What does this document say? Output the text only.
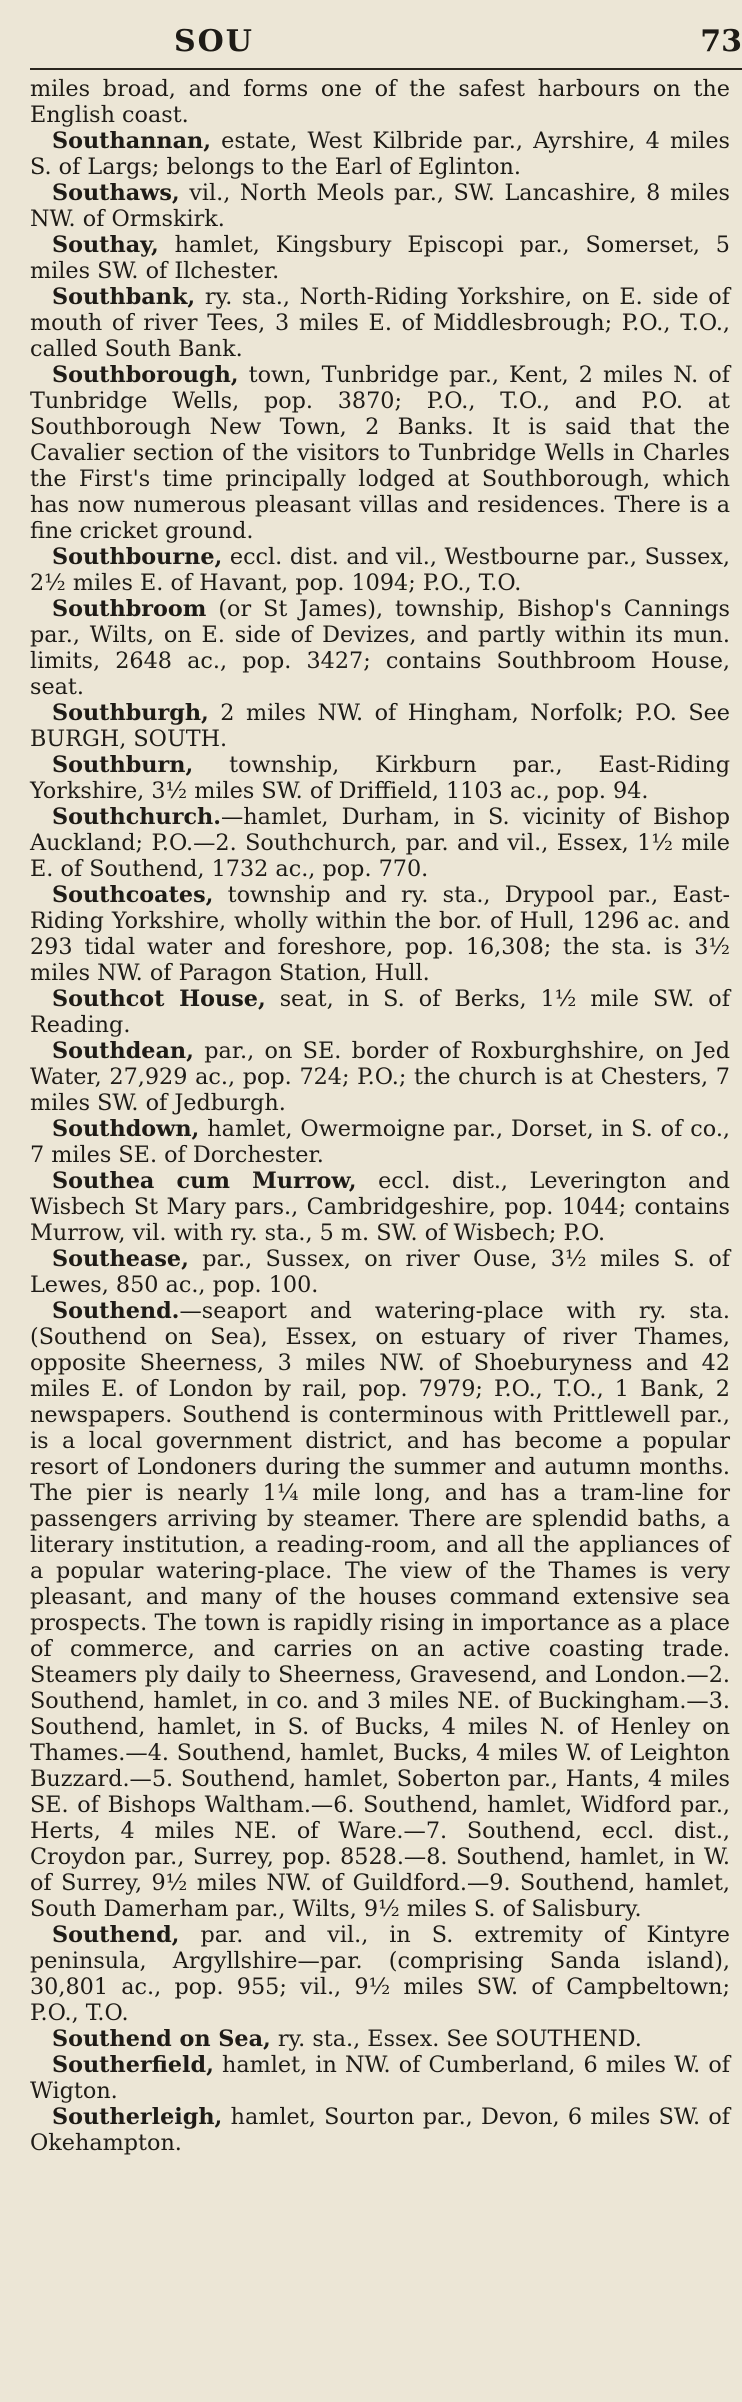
SOU	73

miles broad, and forms one of the safest harbours on the English coast.

Southannan, estate, West Kilbride par., Ayrshire, 4 miles S. of Largs; belongs to the Earl of Eglinton.

Southaws, vil., North Meols par., SW. Lancashire, 8 miles NW. of Ormskirk.

Southay, hamlet, Kingsbury Episcopi par., Somerset, 5 miles SW. of Ilchester.

Southbank, ry. sta., North-Riding Yorkshire, on E. side of mouth of river Tees, 3 miles E. of Middlesbrough; P.O., T.O., called South Bank.

Southborough, town, Tunbridge par., Kent, 2 miles N. of Tunbridge Wells, pop. 3870; P.O., T.O., and P.O. at Southborough New Town, 2 Banks. It is said that the Cavalier section of the visitors to Tunbridge Wells in Charles the First's time principally lodged at Southborough, which has now numerous pleasant villas and residences. There is a fine cricket ground.

Southbourne, eccl. dist. and vil., Westbourne par., Sussex, 2½ miles E. of Havant, pop. 1094; P.O., T.O.

Southbroom (or St James), township, Bishop's Cannings par., Wilts, on E. side of Devizes, and partly within its mun. limits, 2648 ac., pop. 3427; contains Southbroom House, seat.

Southburgh, 2 miles NW. of Hingham, Norfolk; P.O. See BURGH, SOUTH.

Southburn, township, Kirkburn par., East-Riding Yorkshire, 3½ miles SW. of Driffield, 1103 ac., pop. 94.

Southchurch.—hamlet, Durham, in S. vicinity of Bishop Auckland; P.O.—2. Southchurch, par. and vil., Essex, 1½ mile E. of Southend, 1732 ac., pop. 770.

Southcoates, township and ry. sta., Drypool par., East-Riding Yorkshire, wholly within the bor. of Hull, 1296 ac. and 293 tidal water and foreshore, pop. 16,308; the sta. is 3½ miles NW. of Paragon Station, Hull.

Southcot House, seat, in S. of Berks, 1½ mile SW. of Reading.

Southdean, par., on SE. border of Roxburghshire, on Jed Water, 27,929 ac., pop. 724; P.O.; the church is at Chesters, 7 miles SW. of Jedburgh.

Southdown, hamlet, Owermoigne par., Dorset, in S. of co., 7 miles SE. of Dorchester.

Southea cum Murrow, eccl. dist., Leverington and Wisbech St Mary pars., Cambridgeshire, pop. 1044; contains Murrow, vil. with ry. sta., 5 m. SW. of Wisbech; P.O.

Southease, par., Sussex, on river Ouse, 3½ miles S. of Lewes, 850 ac., pop. 100.

Southend.—seaport and watering-place with ry. sta. (Southend on Sea), Essex, on estuary of river Thames, opposite Sheerness, 3 miles NW. of Shoeburyness and 42 miles E. of London by rail, pop. 7979; P.O., T.O., 1 Bank, 2 newspapers. Southend is conterminous with Prittlewell par., is a local government district, and has become a popular resort of Londoners during the summer and autumn months. The pier is nearly 1¼ mile long, and has a tram-line for passengers arriving by steamer. There are splendid baths, a literary institution, a reading-room, and all the appliances of a popular watering-place. The view of the Thames is very pleasant, and many of the houses command extensive sea prospects. The town is rapidly rising in importance as a place of commerce, and carries on an active coasting trade. Steamers ply daily to Sheerness, Gravesend, and London.—2. Southend, hamlet, in co. and 3 miles NE. of Buckingham.—3. Southend, hamlet, in S. of Bucks, 4 miles N. of Henley on Thames.—4. Southend, hamlet, Bucks, 4 miles W. of Leighton Buzzard.—5. Southend, hamlet, Soberton par., Hants, 4 miles SE. of Bishops Waltham.—6. Southend, hamlet, Widford par., Herts, 4 miles NE. of Ware.—7. Southend, eccl. dist., Croydon par., Surrey, pop. 8528.—8. Southend, hamlet, in W. of Surrey, 9½ miles NW. of Guildford.—9. Southend, hamlet, South Damerham par., Wilts, 9½ miles S. of Salisbury.

Southend, par. and vil., in S. extremity of Kintyre peninsula, Argyllshire—par. (comprising Sanda island), 30,801 ac., pop. 955; vil., 9½ miles SW. of Campbeltown; P.O., T.O.

Southend on Sea, ry. sta., Essex. See SOUTHEND.

Southerfield, hamlet, in NW. of Cumberland, 6 miles W. of Wigton.

Southerleigh, hamlet, Sourton par., Devon, 6 miles SW. of Okehampton.
